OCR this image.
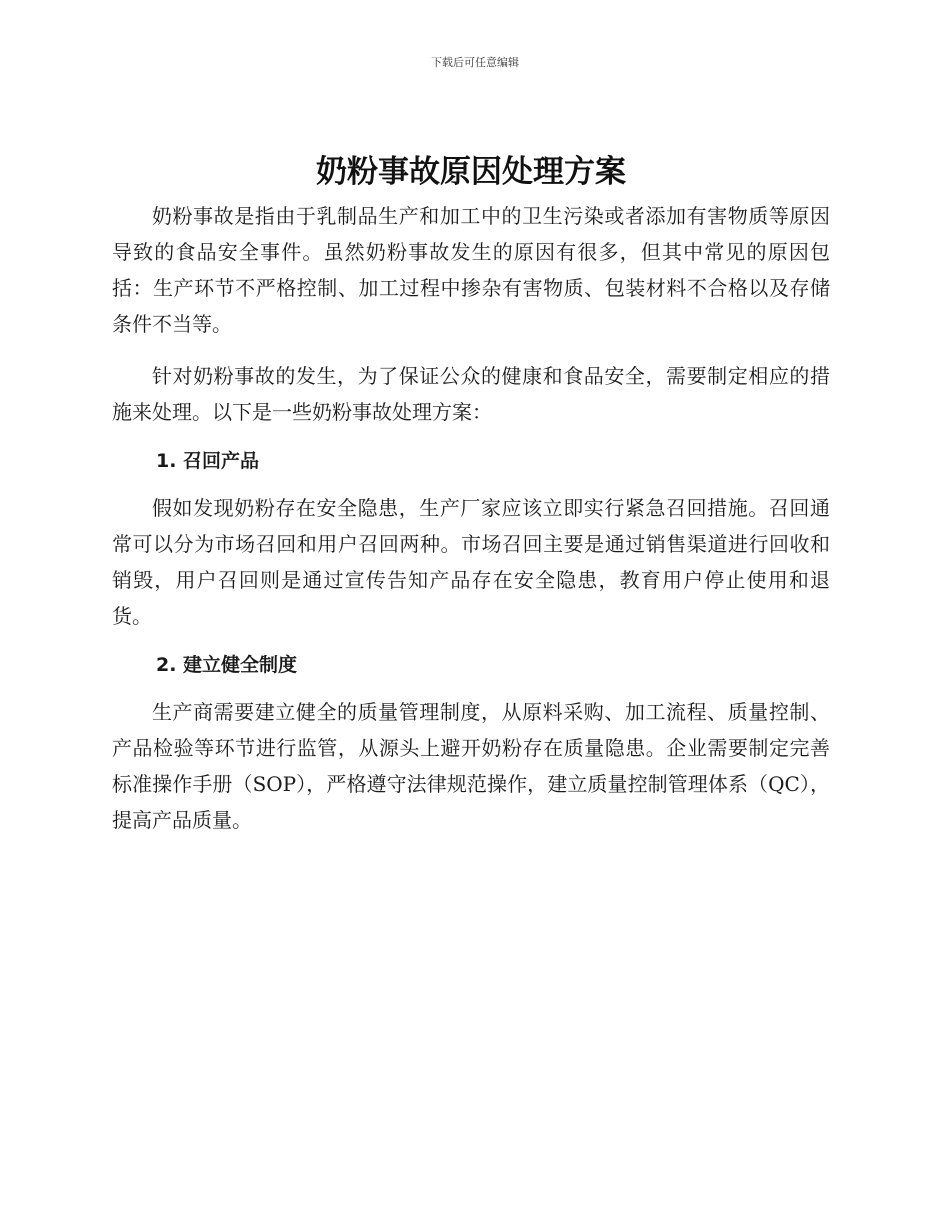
下载后可任意编辑
奶粉事故原因处理方案

奶粉事故是指由于乳制品生产和加工中的卫生污染或者添加有害物质等原因导致的食品安全事件。虽然奶粉事故发生的原因有很多，但其中常见的原因包括：生产环节不严格控制、加工过程中掺杂有害物质、包装材料不合格以及存储条件不当等。

针对奶粉事故的发生，为了保证公众的健康和食品安全，需要制定相应的措施来处理。以下是一些奶粉事故处理方案：

1. 召回产品

假如发现奶粉存在安全隐患，生产厂家应该立即实行紧急召回措施。召回通常可以分为市场召回和用户召回两种。市场召回主要是通过销售渠道进行回收和销毁，用户召回则是通过宣传告知产品存在安全隐患，教育用户停止使用和退货。

2. 建立健全制度

生产商需要建立健全的质量管理制度，从原料采购、加工流程、质量控制、产品检验等环节进行监管，从源头上避开奶粉存在质量隐患。企业需要制定完善标准操作手册（SOP），严格遵守法律规范操作，建立质量控制管理体系（QC），提高产品质量。
